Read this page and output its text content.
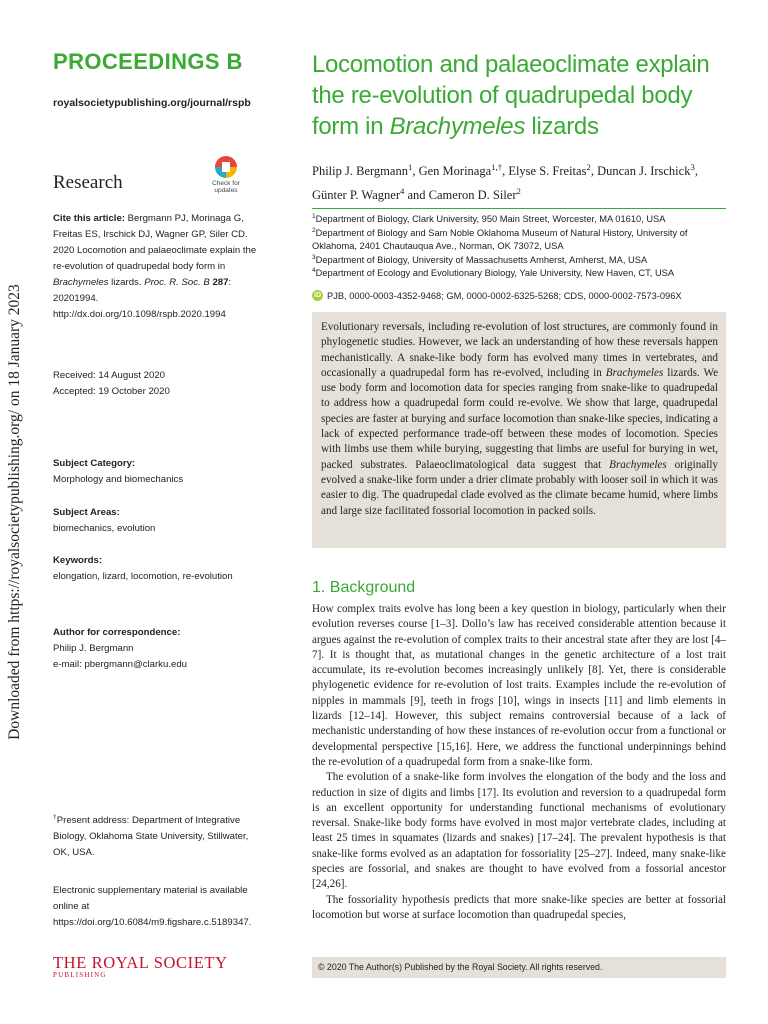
Downloaded from https://royalsocietypublishing.org/ on 18 January 2023
PROCEEDINGS B
royalsocietypublishing.org/journal/rspb
Research	Check for
updates
Cite this article: Bergmann PJ, Morinaga G, Freitas ES, Irschick DJ, Wagner GP, Siler CD. 2020 Locomotion and palaeoclimate explain the re-evolution of quadrupedal body form in Brachymeles lizards. Proc. R. Soc. B 287: 20201994.
http://dx.doi.org/10.1098/rspb.2020.1994
Received: 14 August 2020
Accepted: 19 October 2020
Subject Category:
Morphology and biomechanics
Subject Areas:
biomechanics, evolution
Keywords:
elongation, lizard, locomotion, re-evolution
Author for correspondence:
Philip J. Bergmann
e-mail: pbergmann@clarku.edu
†Present address: Department of Integrative Biology, Oklahoma State University, Stillwater, OK, USA.
Electronic supplementary material is available online at https://doi.org/10.6084/m9.figshare.c.5189347.
THE ROYAL SOCIETY
PUBLISHING
Locomotion and palaeoclimate explain the re-evolution of quadrupedal body form in Brachymeles lizards
Philip J. Bergmann$^1$, Gen Morinaga$^{1,\dagger}$, Elyse S. Freitas$^2$, Duncan J. Irschick$^3$, Günter P. Wagner$^4$ and Cameron D. Siler$^2$
$^1$Department of Biology, Clark University, 950 Main Street, Worcester, MA 01610, USA
$^2$Department of Biology and Sam Noble Oklahoma Museum of Natural History, University of Oklahoma, 2401 Chautauqua Ave., Norman, OK 73072, USA
$^3$Department of Biology, University of Massachusetts Amherst, Amherst, MA, USA
$^4$Department of Ecology and Evolutionary Biology, Yale University, New Haven, CT, USA
iD PJB, 0000-0003-4352-9468; GM, 0000-0002-6325-5268; CDS, 0000-0002-7573-096X
Evolutionary reversals, including re-evolution of lost structures, are commonly found in phylogenetic studies. However, we lack an understanding of how these reversals happen mechanistically. A snake-like body form has evolved many times in vertebrates, and occasionally a quadrupedal form has re-evolved, including in Brachymeles lizards. We use body form and locomotion data for species ranging from snake-like to quadrupedal to address how a quadrupedal form could re-evolve. We show that large, quadrupedal species are faster at burying and surface locomotion than snake-like species, indicating a lack of expected performance trade-off between these modes of locomotion. Species with limbs use them while burying, suggesting that limbs are useful for burying in wet, packed substrates. Palaeoclimatological data suggest that Brachymeles originally evolved a snake-like form under a drier climate probably with looser soil in which it was easier to dig. The quadrupedal clade evolved as the climate became humid, where limbs and large size facilitated fossorial locomotion in packed soils.
1. Background

How complex traits evolve has long been a key question in biology, particularly when their evolution reverses course [1–3]. Dollo’s law has received considerable attention because it argues against the re-evolution of complex traits to their ancestral state after they are lost [4–7]. It is thought that, as mutational changes in the genetic architecture of a lost trait accumulate, its re-evolution becomes increasingly unlikely [8]. Yet, there is considerable phylogenetic evidence for re-evolution of lost traits. Examples include the re-evolution of nipples in mammals [9], teeth in frogs [10], wings in insects [11] and limb elements in lizards [12–14]. However, this subject remains controversial because of a lack of mechanistic understanding of how these instances of re-evolution occur from a functional or developmental perspective [15,16]. Here, we address the functional underpinnings behind the re-evolution of a quadrupedal form from a snake-like form.

The evolution of a snake-like form involves the elongation of the body and the loss and reduction in size of digits and limbs [17]. Its evolution and reversion to a quadrupedal form is an excellent opportunity for understanding functional mechanisms of evolutionary reversal. Snake-like body forms have evolved in most major vertebrate clades, including at least 25 times in squamates (lizards and snakes) [17–24]. The prevalent hypothesis is that snake-like forms evolved as an adaptation for fossoriality [25–27]. Indeed, many snake-like species are fossorial, and snakes are thought to have evolved from a fossorial ancestor [24,26].

The fossoriality hypothesis predicts that more snake-like species are better at fossorial locomotion but worse at surface locomotion than quadrupedal species,

© 2020 The Author(s) Published by the Royal Society. All rights reserved.
